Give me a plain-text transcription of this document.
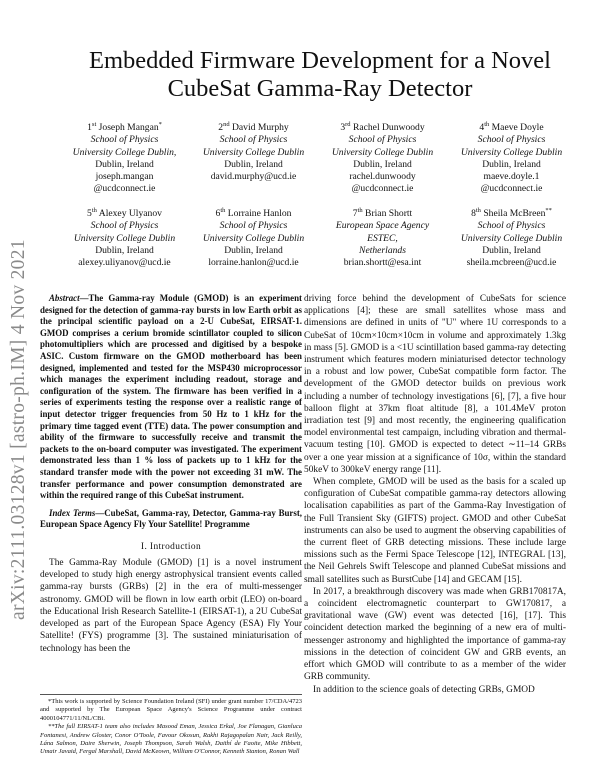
arXiv:2111.03128v1 [astro-ph.IM] 4 Nov 2021
Embedded Firmware Development for a Novel
CubeSat Gamma-Ray Detector
1st Joseph Mangan*
School of Physics
University College Dublin,
Dublin, Ireland
joseph.mangan
@ucdconnect.ie
2nd David Murphy
School of Physics
University College Dublin
Dublin, Ireland
david.murphy@ucd.ie
3rd Rachel Dunwoody
School of Physics
University College Dublin
Dublin, Ireland
rachel.dunwoody
@ucdconnect.ie
4th Maeve Doyle
School of Physics
University College Dublin
Dublin, Ireland
maeve.doyle.1
@ucdconnect.ie
5th Alexey Ulyanov
School of Physics
University College Dublin
Dublin, Ireland
alexey.uliyanov@ucd.ie
6th Lorraine Hanlon
School of Physics
University College Dublin
Dublin, Ireland
lorraine.hanlon@ucd.ie
7th Brian Shortt
European Space Agency
ESTEC,
Netherlands
brian.shortt@esa.int
8th Sheila McBreen**
School of Physics
University College Dublin
Dublin, Ireland
sheila.mcbreen@ucd.ie

Abstract—The Gamma-ray Module (GMOD) is an experiment designed for the detection of gamma-ray bursts in low Earth orbit as the principal scientific payload on a 2-U CubeSat, EIRSAT-1. GMOD comprises a cerium bromide scintillator coupled to silicon photomultipliers which are processed and digitised by a bespoke ASIC. Custom firmware on the GMOD motherboard has been designed, implemented and tested for the MSP430 microprocessor which manages the experiment including readout, storage and configuration of the system. The firmware has been verified in a series of experiments testing the response over a realistic range of input detector trigger frequencies from 50 Hz to 1 kHz for the primary time tagged event (TTE) data. The power consumption and ability of the firmware to successfully receive and transmit the packets to the on-board computer was investigated. The experiment demonstrated less than 1 % loss of packets up to 1 kHz for the standard transfer mode with the power not exceeding 31 mW. The transfer performance and power consumption demonstrated are within the required range of this CubeSat instrument.

Index Terms—CubeSat, Gamma-ray, Detector, Gamma-ray Burst, European Space Agency Fly Your Satellite! Programme

I. Introduction

The Gamma-Ray Module (GMOD) [1] is a novel instrument developed to study high energy astrophysical transient events called gamma-ray bursts (GRBs) [2] in the era of multi-messenger astronomy. GMOD will be flown in low earth orbit (LEO) on-board the Educational Irish Research Satellite-1 (EIRSAT-1), a 2U CubeSat developed as part of the European Space Agency (ESA) Fly Your Satellite! (FYS) programme [3]. The sustained miniaturisation of technology has been the

*This work is supported by Science Foundation Ireland (SFI) under grant number 17/CDA/4723 and supported by The European Space Agency's Science Programme under contract 4000104771/11/NL/CBi.

**The full EIRSAT-1 team also includes Masood Eman, Jessica Erkal, Joe Flanagan, Gianluca Fontanesi, Andrew Gloster, Conor O'Toole, Favour Okosun, Rakhi Rajagopalan Nair, Jack Reilly, Lána Salmon, Daire Sherwin, Joseph Thompson, Sarah Walsh, Daithí de Faoite, Mike Hibbett, Umair Javaid, Fergal Marshall, David McKeown, William O'Connor, Kenneth Stanton, Ronan Wall

driving force behind the development of CubeSats for science applications [4]; these are small satellites whose mass and dimensions are defined in units of "U" where 1U corresponds to a CubeSat of 10cm×10cm×10cm in volume and approximately 1.3kg in mass [5]. GMOD is a <1U scintillation based gamma-ray detecting instrument which features modern miniaturised detector technology in a robust and low power, CubeSat compatible form factor. The development of the GMOD detector builds on previous work including a number of technology investigations [6], [7], a five hour balloon flight at 37km float altitude [8], a 101.4MeV proton irradiation test [9] and most recently, the engineering qualification model environmental test campaign, including vibration and thermal-vacuum testing [10]. GMOD is expected to detect ∼11–14 GRBs over a one year mission at a significance of 10σ, within the standard 50keV to 300keV energy range [11].

When complete, GMOD will be used as the basis for a scaled up configuration of CubeSat compatible gamma-ray detectors allowing localisation capabilities as part of the Gamma-Ray Investigation of the Full Transient Sky (GIFTS) project. GMOD and other CubeSat instruments can also be used to augment the observing capabilities of the current fleet of GRB detecting missions. These include large missions such as the Fermi Space Telescope [12], INTEGRAL [13], the Neil Gehrels Swift Telescope and planned CubeSat missions and small satellites such as BurstCube [14] and GECAM [15].

In 2017, a breakthrough discovery was made when GRB170817A, a coincident electromagnetic counterpart to GW170817, a gravitational wave (GW) event was detected [16], [17]. This coincident detection marked the beginning of a new era of multi-messenger astronomy and highlighted the importance of gamma-ray missions in the detection of coincident GW and GRB events, an effort which GMOD will contribute to as a member of the wider GRB community.

In addition to the science goals of detecting GRBs, GMOD
